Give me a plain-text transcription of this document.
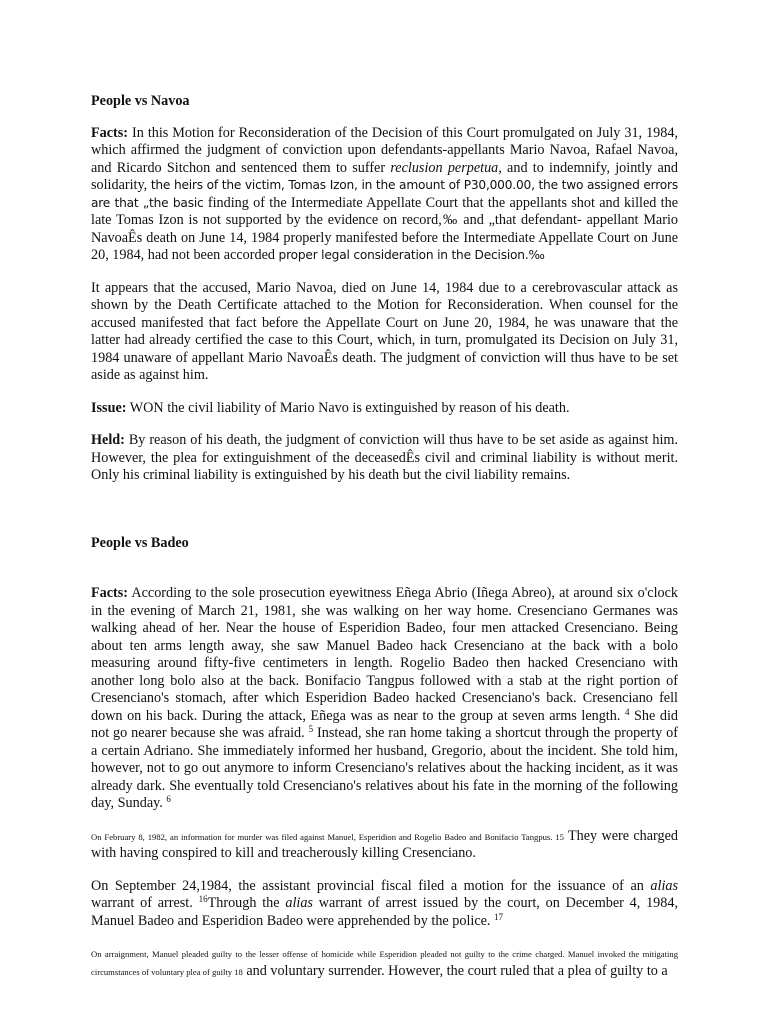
People vs Navoa

Facts: In this Motion for Reconsideration of the Decision of this Court promulgated on July 31, 1984, which affirmed the judgment of conviction upon defendants-appellants Mario Navoa, Rafael Navoa, and Ricardo Sitchon and sentenced them to suffer reclusion perpetua, and to indemnify, jointly and solidarity, the heirs of the victim, Tomas Izon, in the amount of P30,000.00, the two assigned errors are that „the basic finding of the Intermediate Appellate Court that the appellants shot and killed the late Tomas Izon is not supported by the evidence on record,‰ and „that defendant- appellant Mario NavoaÊs death on June 14, 1984 properly manifested before the Intermediate Appellate Court on June 20, 1984, had not been accorded proper legal consideration in the Decision.‰

It appears that the accused, Mario Navoa, died on June 14, 1984 due to a cerebrovascular attack as shown by the Death Certificate attached to the Motion for Reconsideration. When counsel for the accused manifested that fact before the Appellate Court on June 20, 1984, he was unaware that the latter had already certified the case to this Court, which, in turn, promulgated its Decision on July 31, 1984 unaware of appellant Mario NavoaÊs death. The judgment of conviction will thus have to be set aside as against him.

Issue: WON the civil liability of Mario Navo is extinguished by reason of his death.

Held: By reason of his death, the judgment of conviction will thus have to be set aside as against him. However, the plea for extinguishment of the deceasedÊs civil and criminal liability is without merit. Only his criminal liability is extinguished by his death but the civil liability remains.

People vs Badeo

Facts: According to the sole prosecution eyewitness Eñega Abrio (Iñega Abreo), at around six o'clock in the evening of March 21, 1981, she was walking on her way home. Cresenciano Germanes was walking ahead of her. Near the house of Esperidion Badeo, four men attacked Cresenciano. Being about ten arms length away, she saw Manuel Badeo hack Cresenciano at the back with a bolo measuring around fifty-five centimeters in length. Rogelio Badeo then hacked Cresenciano with another long bolo also at the back. Bonifacio Tangpus followed with a stab at the right portion of Cresenciano's stomach, after which Esperidion Badeo hacked Cresenciano's back. Cresenciano fell down on his back. During the attack, Eñega was as near to the group at seven arms length. $^4$ She did not go nearer because she was afraid. $^5$ Instead, she ran home taking a shortcut through the property of a certain Adriano. She immediately informed her husband, Gregorio, about the incident. She told him, however, not to go out anymore to inform Cresenciano's relatives about the hacking incident, as it was already dark. She eventually told Cresenciano's relatives about his fate in the morning of the following day, Sunday. $^6$

On February 8, 1982, an information for murder was filed against Manuel, Esperidion and Rogelio Badeo and Bonifacio Tangpus. 15 They were charged with having conspired to kill and treacherously killing Cresenciano.

On September 24,1984, the assistant provincial fiscal filed a motion for the issuance of an alias warrant of arrest. $^{16}$Through the alias warrant of arrest issued by the court, on December 4, 1984, Manuel Badeo and Esperidion Badeo were apprehended by the police. $^{17}$

On arraignment, Manuel pleaded guilty to the lesser offense of homicide while Esperidion pleaded not guilty to the crime charged. Manuel invoked the mitigating circumstances of voluntary plea of guilty 18 and voluntary surrender. However, the court ruled that a plea of guilty to a
